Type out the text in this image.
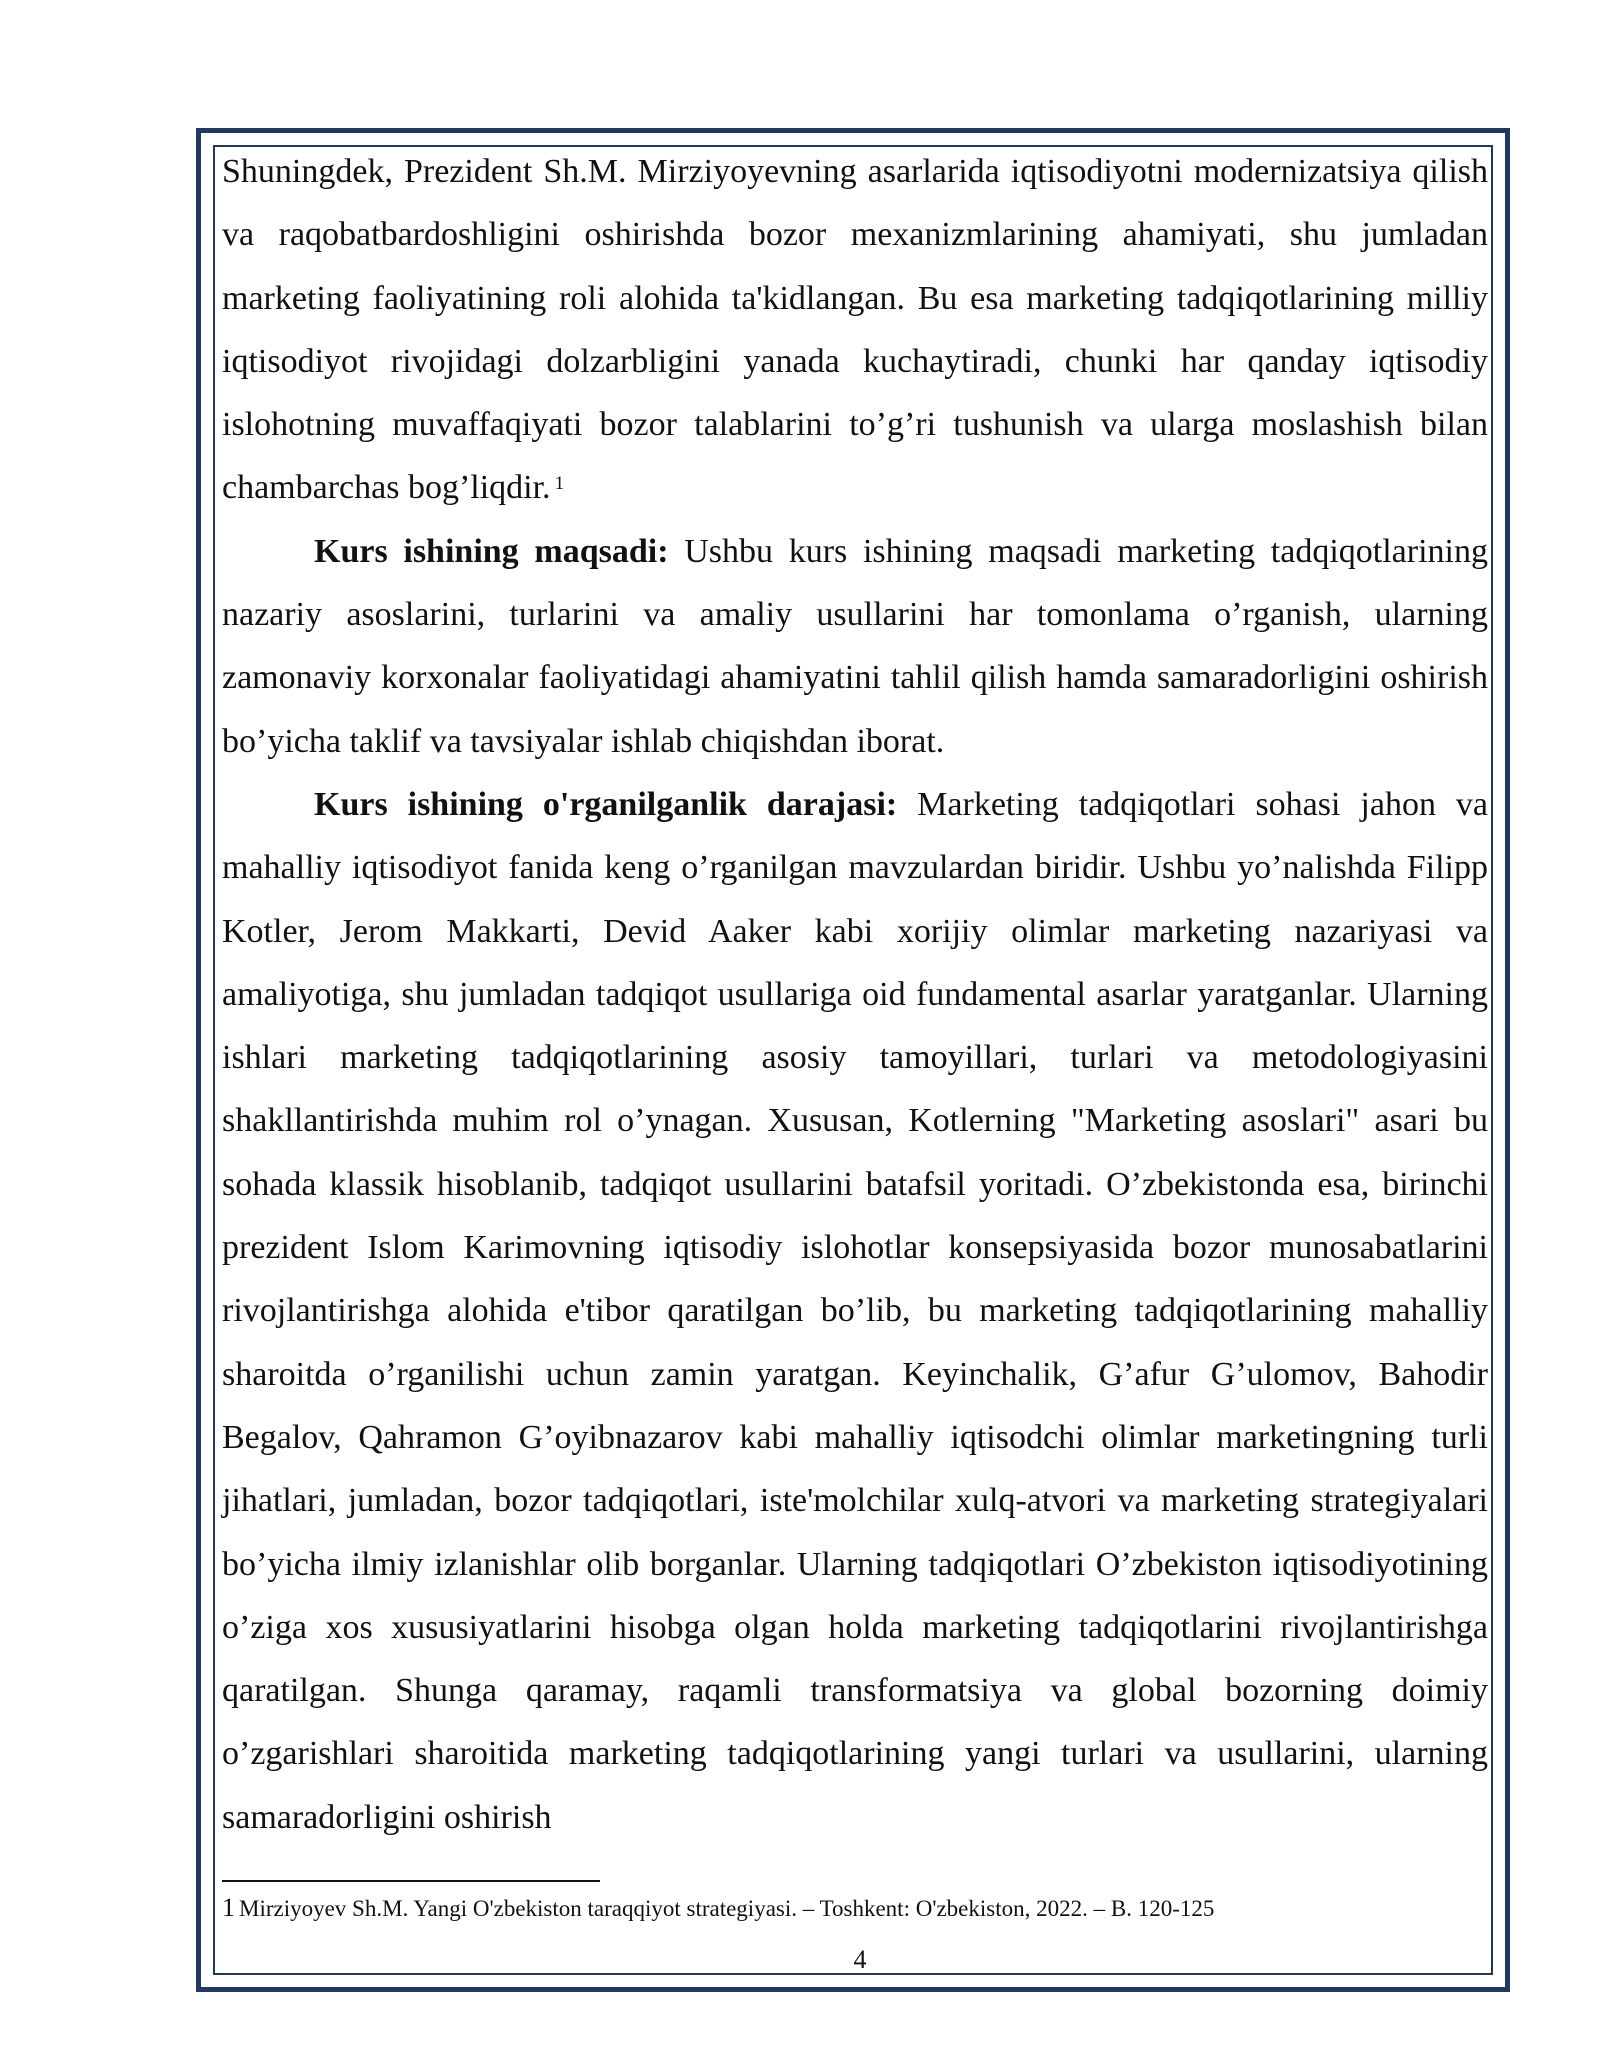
Shuningdek, Prezident Sh.M. Mirziyoyevning asarlarida iqtisodiyotni modernizatsiya qilish va raqobatbardoshligini oshirishda bozor mexanizmlarining ahamiyati, shu jumladan marketing faoliyatining roli alohida ta'kidlangan. Bu esa marketing tadqiqotlarining milliy iqtisodiyot rivojidagi dolzarbligini yanada kuchaytiradi, chunki har qanday iqtisodiy islohotning muvaffaqiyati bozor talablarini to’g’ri tushunish va ularga moslashish bilan chambarchas bog’liqdir. $^1$

Kurs ishining maqsadi: Ushbu kurs ishining maqsadi marketing tadqiqotlarining nazariy asoslarini, turlarini va amaliy usullarini har tomonlama o’rganish, ularning zamonaviy korxonalar faoliyatidagi ahamiyatini tahlil qilish hamda samaradorligini oshirish bo’yicha taklif va tavsiyalar ishlab chiqishdan iborat.

Kurs ishining o'rganilganlik darajasi: Marketing tadqiqotlari sohasi jahon va mahalliy iqtisodiyot fanida keng o’rganilgan mavzulardan biridir. Ushbu yo’nalishda Filipp Kotler, Jerom Makkarti, Devid Aaker kabi xorijiy olimlar marketing nazariyasi va amaliyotiga, shu jumladan tadqiqot usullariga oid fundamental asarlar yaratganlar. Ularning ishlari marketing tadqiqotlarining asosiy tamoyillari, turlari va metodologiyasini shakllantirishda muhim rol o’ynagan. Xususan, Kotlerning "Marketing asoslari" asari bu sohada klassik hisoblanib, tadqiqot usullarini batafsil yoritadi. O’zbekistonda esa, birinchi prezident Islom Karimovning iqtisodiy islohotlar konsepsiyasida bozor munosabatlarini rivojlantirishga alohida e'tibor qaratilgan bo’lib, bu marketing tadqiqotlarining mahalliy sharoitda o’rganilishi uchun zamin yaratgan. Keyinchalik, G’afur G’ulomov, Bahodir Begalov, Qahramon G’oyibnazarov kabi mahalliy iqtisodchi olimlar marketingning turli jihatlari, jumladan, bozor tadqiqotlari, iste'molchilar xulq-atvori va marketing strategiyalari bo’yicha ilmiy izlanishlar olib borganlar. Ularning tadqiqotlari O’zbekiston iqtisodiyotining o’ziga xos xususiyatlarini hisobga olgan holda marketing tadqiqotlarini rivojlantirishga qaratilgan. Shunga qaramay, raqamli transformatsiya va global bozorning doimiy o’zgarishlari sharoitida marketing tadqiqotlarining yangi turlari va usullarini, ularning samaradorligini oshirish

1 Mirziyoyev Sh.M. Yangi O'zbekiston taraqqiyot strategiyasi. – Toshkent: O'zbekiston, 2022. – B. 120-125
4
